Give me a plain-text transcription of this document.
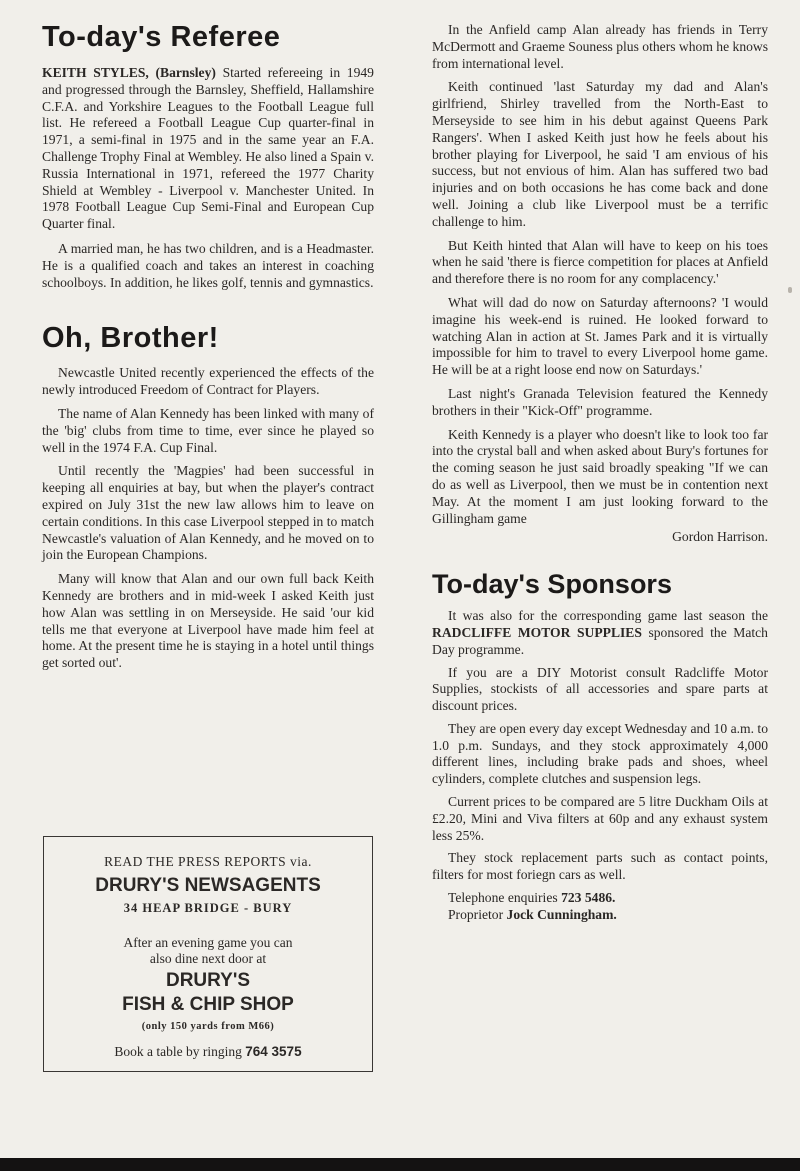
To-day's Referee

KEITH STYLES, (Barnsley) Started refereeing in 1949 and progressed through the Barnsley, Sheffield, Hallamshire C.F.A. and Yorkshire Leagues to the Football League full list. He refereed a Football League Cup quarter-final in 1971, a semi-final in 1975 and in the same year an F.A. Challenge Trophy Final at Wembley. He also lined a Spain v. Russia International in 1971, refereed the 1977 Charity Shield at Wembley - Liverpool v. Manchester United. In 1978 Football League Cup Semi-Final and European Cup Quarter final.

A married man, he has two children, and is a Headmaster. He is a qualified coach and takes an interest in coaching schoolboys. In addition, he likes golf, tennis and gymnastics.

Oh, Brother!

Newcastle United recently experienced the effects of the newly introduced Freedom of Contract for Players.

The name of Alan Kennedy has been linked with many of the 'big' clubs from time to time, ever since he played so well in the 1974 F.A. Cup Final.

Until recently the 'Magpies' had been successful in keeping all enquiries at bay, but when the player's contract expired on July 31st the new law allows him to leave on certain conditions. In this case Liverpool stepped in to match Newcastle's valuation of Alan Kennedy, and he moved on to join the European Champions.

Many will know that Alan and our own full back Keith Kennedy are brothers and in mid-week I asked Keith just how Alan was settling in on Merseyside. He said 'our kid tells me that everyone at Liverpool have made him feel at home. At the present time he is staying in a hotel until things get sorted out'.

READ THE PRESS REPORTS via.
DRURY'S NEWSAGENTS
34 HEAP BRIDGE - BURY
After an evening game you can
also dine next door at
DRURY'S
FISH & CHIP SHOP
(only 150 yards from M66)
Book a table by ringing 764 3575

In the Anfield camp Alan already has friends in Terry McDermott and Graeme Souness plus others whom he knows from international level.

Keith continued 'last Saturday my dad and Alan's girlfriend, Shirley travelled from the North-East to Merseyside to see him in his debut against Queens Park Rangers'. When I asked Keith just how he feels about his brother playing for Liverpool, he said 'I am envious of his success, but not envious of him. Alan has suffered two bad injuries and on both occasions he has come back and done well. Joining a club like Liverpool must be a terrific challenge to him.

But Keith hinted that Alan will have to keep on his toes when he said 'there is fierce competition for places at Anfield and therefore there is no room for any complacency.'

What will dad do now on Saturday afternoons? 'I would imagine his week-end is ruined. He looked forward to watching Alan in action at St. James Park and it is virtually impossible for him to travel to every Liverpool home game. He will be at a right loose end now on Saturdays.'

Last night's Granada Television featured the Kennedy brothers in their "Kick-Off" programme.

Keith Kennedy is a player who doesn't like to look too far into the crystal ball and when asked about Bury's fortunes for the coming season he just said broadly speaking "If we can do as well as Liverpool, then we must be in contention next May. At the moment I am just looking forward to the Gillingham game

Gordon Harrison.

To-day's Sponsors

It was also for the corresponding game last season the RADCLIFFE MOTOR SUPPLIES sponsored the Match Day programme.

If you are a DIY Motorist consult Radcliffe Motor Supplies, stockists of all accessories and spare parts at discount prices.

They are open every day except Wednesday and 10 a.m. to 1.0 p.m. Sundays, and they stock approximately 4,000 different lines, including brake pads and shoes, wheel cylinders, complete clutches and suspension legs.

Current prices to be compared are 5 litre Duckham Oils at £2.20, Mini and Viva filters at 60p and any exhaust system less 25%.

They stock replacement parts such as contact points, filters for most foriegn cars as well.

Telephone enquiries 723 5486.

Proprietor Jock Cunningham.
